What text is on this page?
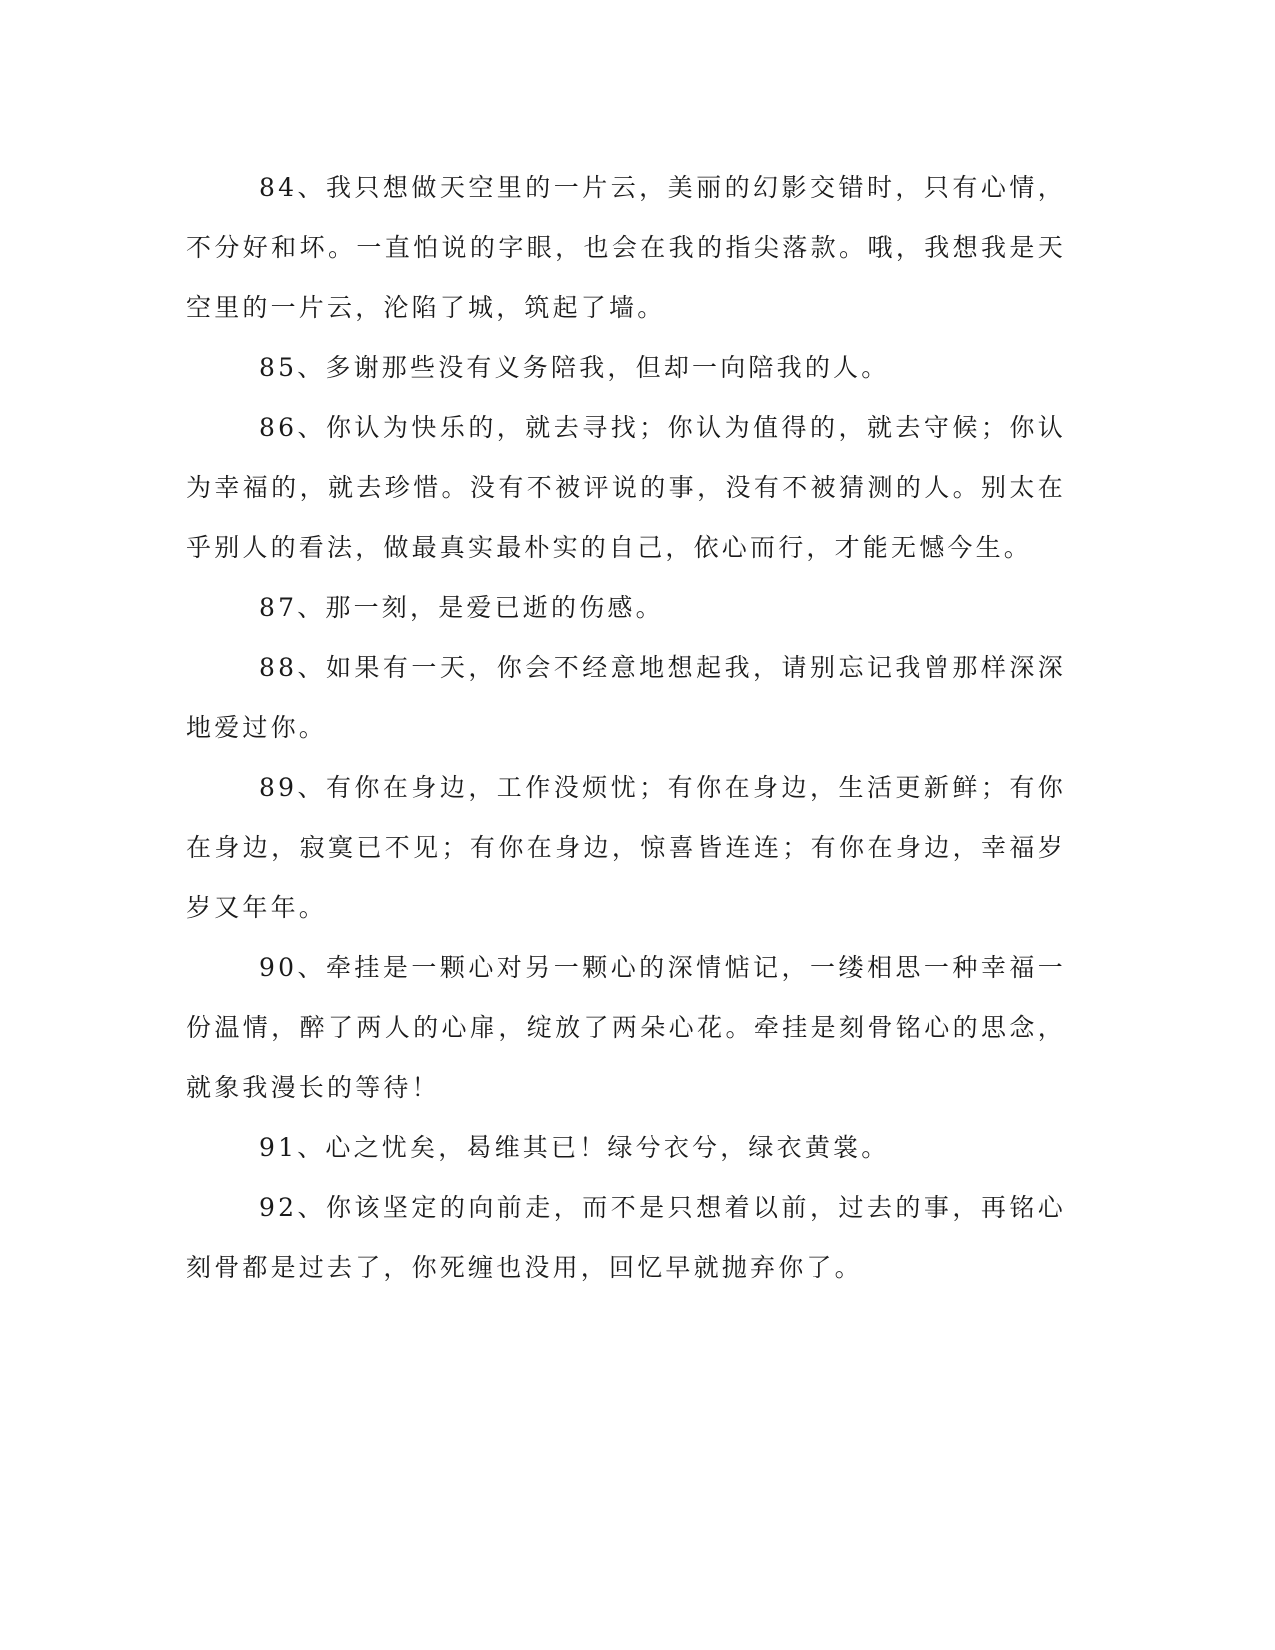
84、我只想做天空里的一片云，美丽的幻影交错时，只有心情，不分好和坏。一直怕说的字眼，也会在我的指尖落款。哦，我想我是天空里的一片云，沦陷了城，筑起了墙。

85、多谢那些没有义务陪我，但却一向陪我的人。

86、你认为快乐的，就去寻找；你认为值得的，就去守候；你认为幸福的，就去珍惜。没有不被评说的事，没有不被猜测的人。别太在乎别人的看法，做最真实最朴实的自己，依心而行，才能无憾今生。

87、那一刻，是爱已逝的伤感。

88、如果有一天，你会不经意地想起我，请别忘记我曾那样深深地爱过你。

89、有你在身边，工作没烦忧；有你在身边，生活更新鲜；有你在身边，寂寞已不见；有你在身边，惊喜皆连连；有你在身边，幸福岁岁又年年。

90、牵挂是一颗心对另一颗心的深情惦记，一缕相思一种幸福一份温情，醉了两人的心扉，绽放了两朵心花。牵挂是刻骨铭心的思念，就象我漫长的等待！

91、心之忧矣，曷维其已！绿兮衣兮，绿衣黄裳。

92、你该坚定的向前走，而不是只想着以前，过去的事，再铭心刻骨都是过去了，你死缠也没用，回忆早就抛弃你了。
